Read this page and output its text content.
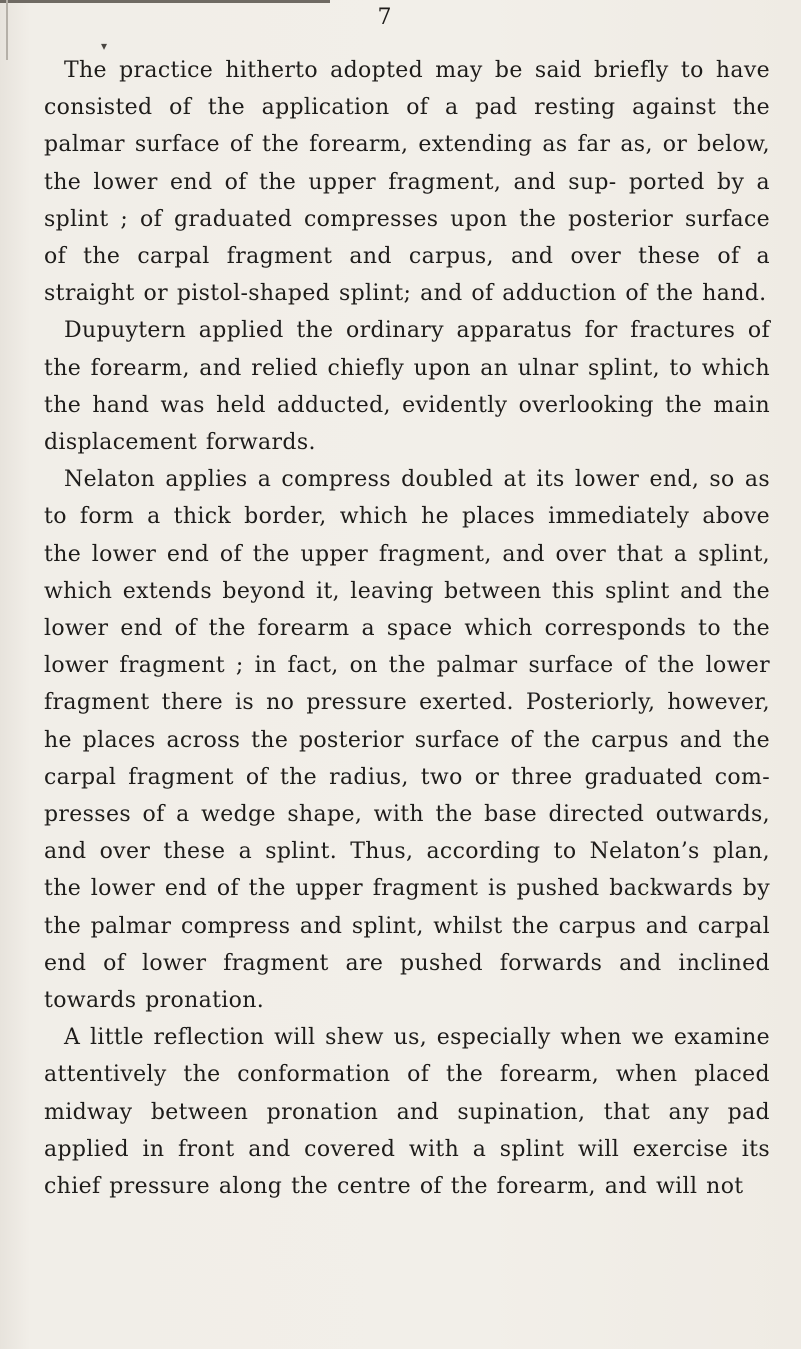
7
▾

The practice hitherto adopted may be said briefly to have consisted of the application of a pad resting against the palmar surface of the forearm, extending as far as, or below, the lower end of the upper fragment, and sup- ported by a splint ; of graduated compresses upon the posterior surface of the carpal fragment and carpus, and over these of a straight or pistol-shaped splint; and of adduction of the hand.

Dupuytern applied the ordinary apparatus for fractures of the forearm, and relied chiefly upon an ulnar splint, to which the hand was held adducted, evidently overlooking the main displacement forwards.

Nelaton applies a compress doubled at its lower end, so as to form a thick border, which he places immediately above the lower end of the upper fragment, and over that a splint, which extends beyond it, leaving between this splint and the lower end of the forearm a space which corresponds to the lower fragment ; in fact, on the palmar surface of the lower fragment there is no pressure exerted. Posteriorly, however, he places across the posterior surface of the carpus and the carpal fragment of the radius, two or three graduated com- presses of a wedge shape, with the base directed outwards, and over these a splint. Thus, according to Nelaton’s plan, the lower end of the upper fragment is pushed backwards by the palmar compress and splint, whilst the carpus and carpal end of lower fragment are pushed forwards and inclined towards pronation.

A little reflection will shew us, especially when we examine attentively the conformation of the forearm, when placed midway between pronation and supination, that any pad applied in front and covered with a splint will exercise its chief pressure along the centre of the forearm, and will not
